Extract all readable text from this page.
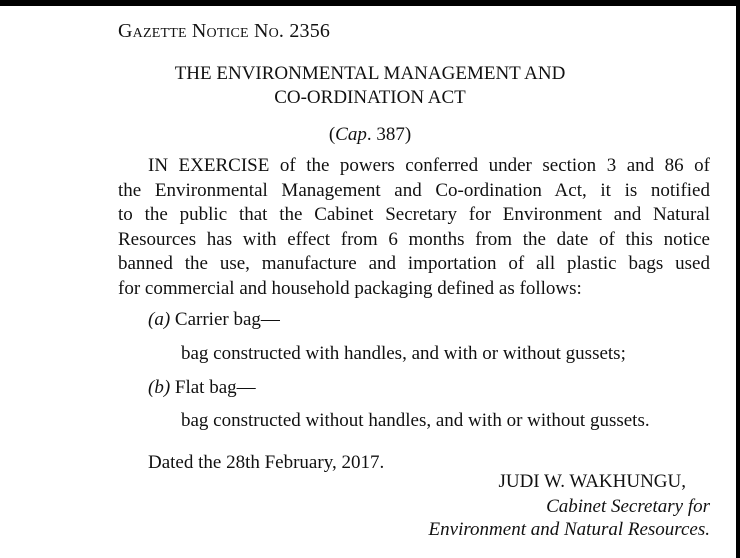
Gazette Notice No. 2356
THE ENVIRONMENTAL MANAGEMENT AND
CO-ORDINATION ACT
(Cap. 387)
IN EXERCISE of the powers conferred under section 3 and 86 of
the Environmental Management and Co-ordination Act, it is notified
to the public that the Cabinet Secretary for Environment and Natural
Resources has with effect from 6 months from the date of this notice
banned the use, manufacture and importation of all plastic bags used
for commercial and household packaging defined as follows:
(a) Carrier bag—
bag constructed with handles, and with or without gussets;
(b) Flat bag—
bag constructed without handles, and with or without gussets.
Dated the 28th February, 2017.
JUDI W. WAKHUNGU,
Cabinet Secretary for
Environment and Natural Resources.
